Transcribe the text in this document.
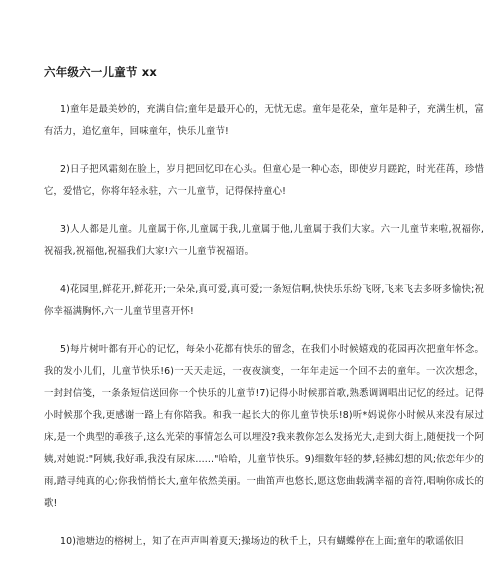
六年级六一儿童节 xx

1)童年是最美妙的，充满自信;童年是最开心的，无忧无虑。童年是花朵，童年是种子，充满生机，富有活力，追忆童年，回味童年，快乐儿童节!

2)日子把风霜刻在脸上，岁月把回忆印在心头。但童心是一种心态，即使岁月蹉跎，时光荏苒，珍惜它，爱惜它，你将年轻永驻，六一儿童节，记得保持童心!

3)人人都是儿童。儿童属于你,儿童属于我,儿童属于他,儿童属于我们大家。六一儿童节来啦,祝福你,祝福我,祝福他,祝福我们大家!六一儿童节祝福语。

4)花园里,鲜花开,鲜花开;一朵朵,真可爱,真可爱;一条短信啊,快快乐乐纷飞呀,飞来飞去多呀多愉快;祝你幸福满胸怀,六一儿童节里喜开怀!

5)每片树叶都有开心的记忆，每朵小花都有快乐的留念，在我们小时候嬉戏的花园再次把童年怀念。我的发小儿们，儿童节快乐!6)一天天走远，一夜夜演变，一年年走远一个回不去的童年。一次次想念，一封封信笺，一条条短信送回你一个快乐的儿童节!7)记得小时候那首歌,熟悉调调唱出记忆的经过。记得小时候那个我,更感谢一路上有你陪我。和我一起长大的你儿童节快乐!8)听*妈说你小时候从来没有尿过床,是一个典型的乖孩子,这么光荣的事情怎么可以埋没?我来教你怎么发扬光大,走到大街上,随便找一个阿姨,对她说:"阿姨,我好乖,我没有尿床......"哈哈，儿童节快乐。9)细数年轻的梦,轻拂幻想的风;依恋年少的雨,踏寻纯真的心;你我悄悄长大,童年依然美丽。一曲笛声也悠长,愿这您曲载满幸福的音符,唱响你成长的歌!

10)池塘边的榕树上，知了在声声叫着夏天;操场边的秋千上，只有蝴蝶停在上面;童年的歌谣依旧
